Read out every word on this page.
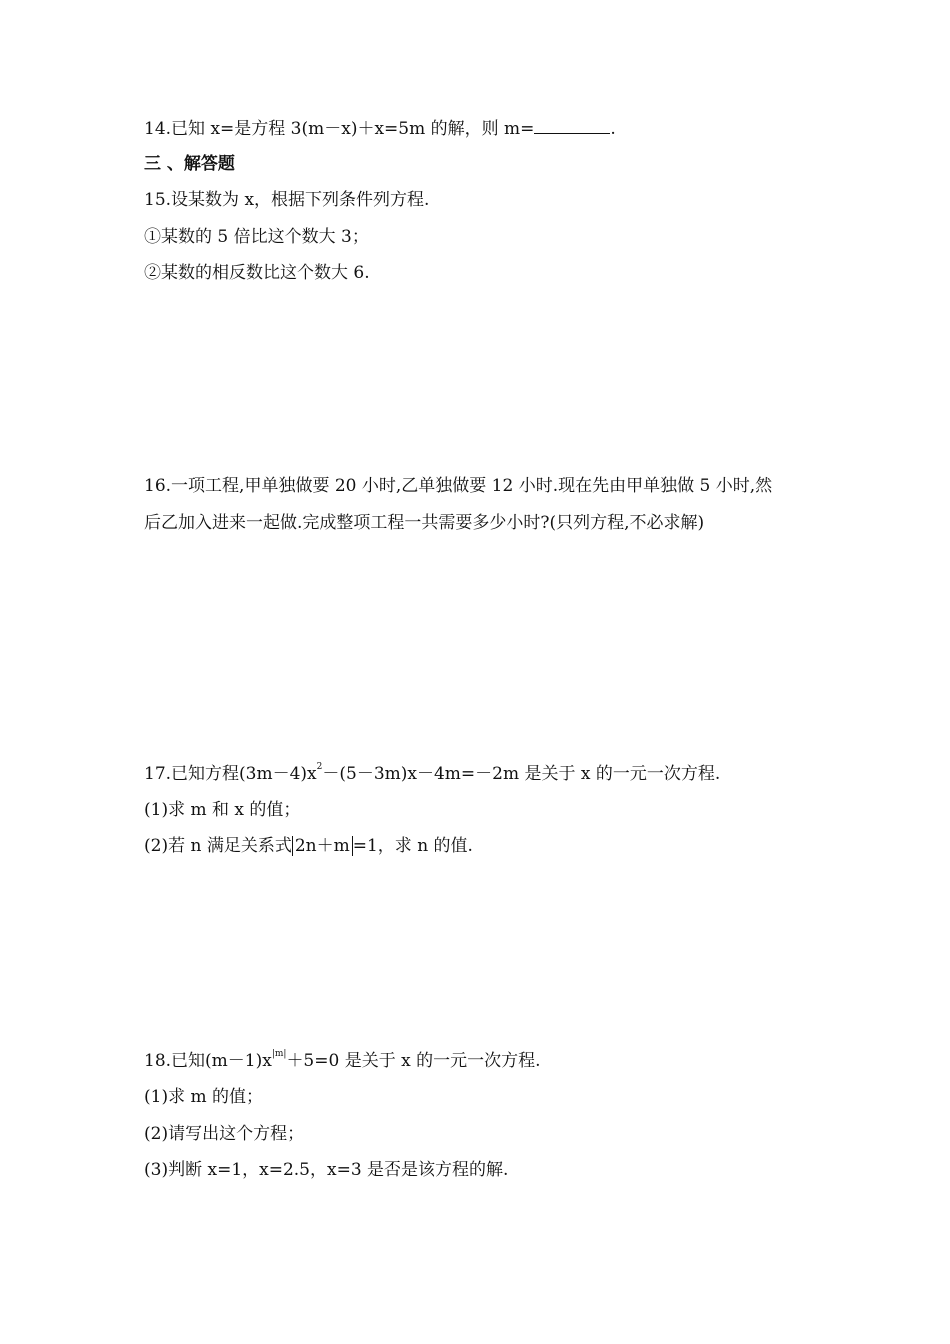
14.已知 x=是方程 3(m－x)＋x=5m 的解，则 m=	.
三 、解答题
15.设某数为 x，根据下列条件列方程.
①某数的 5 倍比这个数大 3；
②某数的相反数比这个数大 6.
16.一项工程,甲单独做要 20 小时,乙单独做要 12 小时.现在先由甲单独做 5 小时,然
后乙加入进来一起做.完成整项工程一共需要多少小时?(只列方程,不必求解)
17.已知方程$(3m-4)x^2-(5-3m)x-4m=-2m$ 是关于 x 的一元一次方程.
(1)求 m 和 x 的值；
(2)若 n 满足关系式 2n＋m =1，求 n 的值.
18.已知$(m-1)x^{|m|}+5=0$ 是关于 x 的一元一次方程.
(1)求 m 的值；
(2)请写出这个方程；
(3)判断 x=1，x=2.5，x=3 是否是该方程的解.
